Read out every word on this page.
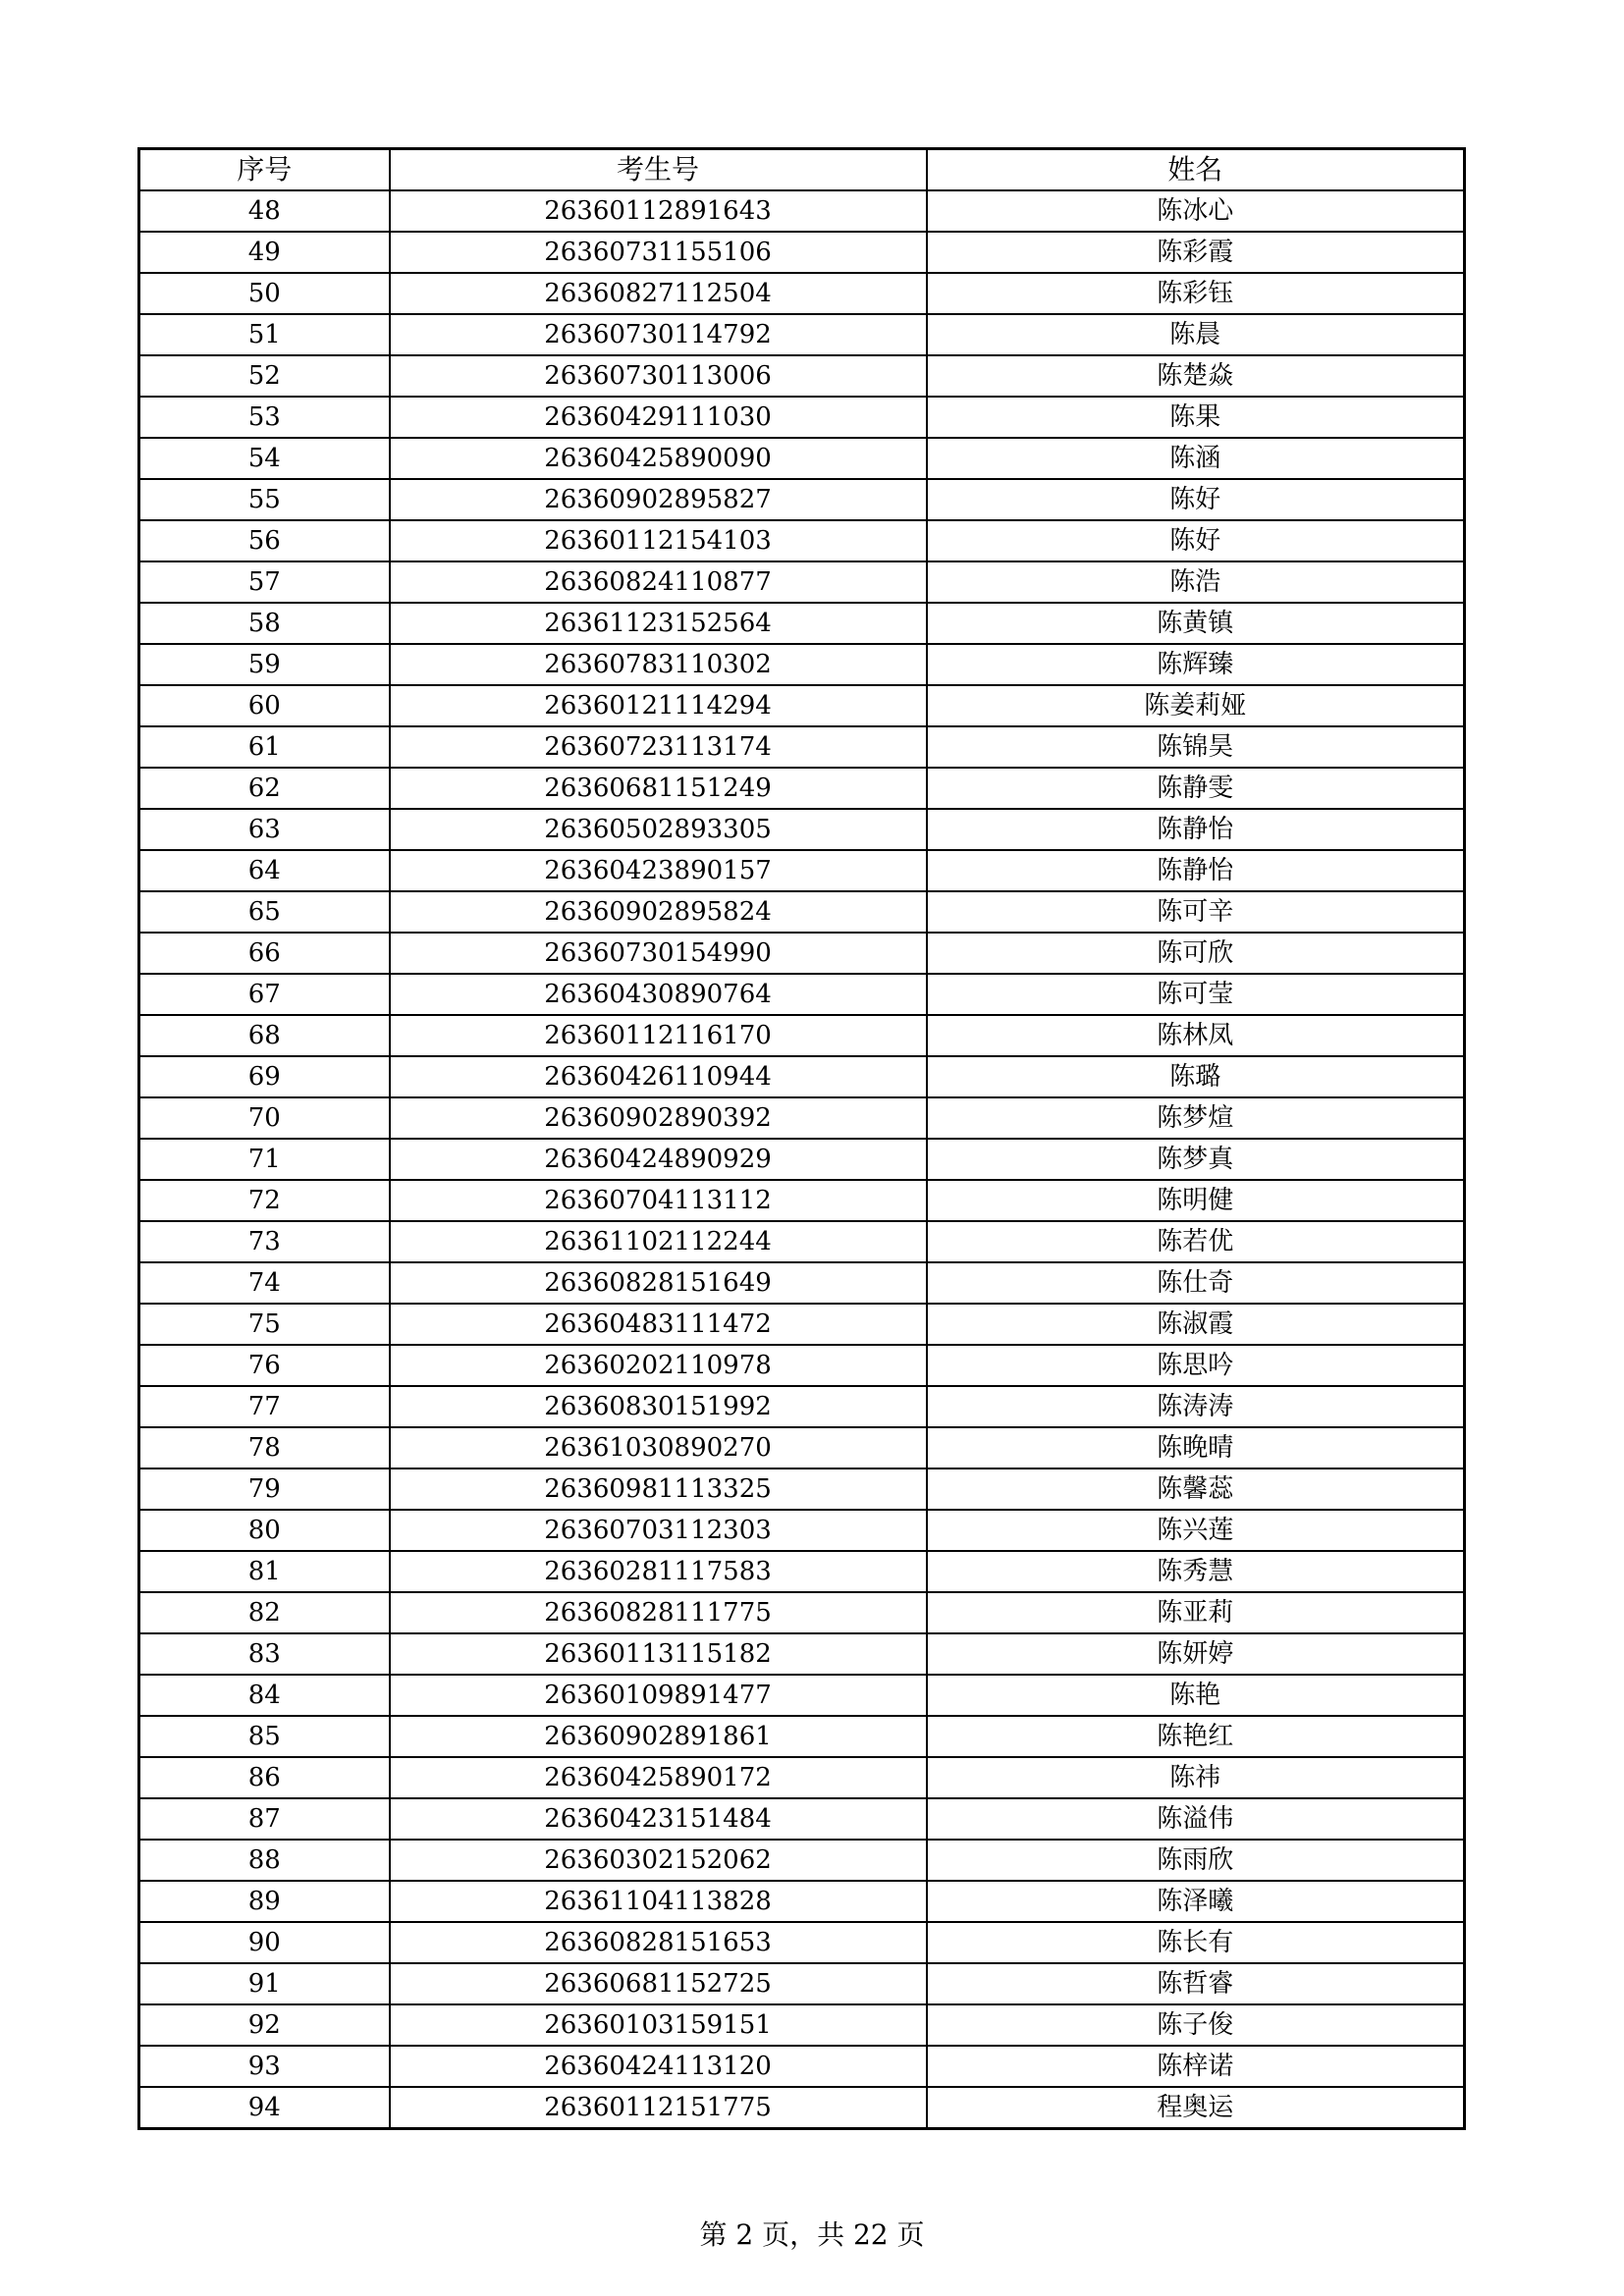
序号	考生号	姓名
48	26360112891643	陈冰心
49	26360731155106	陈彩霞
50	26360827112504	陈彩钰
51	26360730114792	陈晨
52	26360730113006	陈楚焱
53	26360429111030	陈果
54	26360425890090	陈涵
55	26360902895827	陈好
56	26360112154103	陈好
57	26360824110877	陈浩
58	26361123152564	陈黄镇
59	26360783110302	陈辉臻
60	26360121114294	陈姜莉娅
61	26360723113174	陈锦昊
62	26360681151249	陈静雯
63	26360502893305	陈静怡
64	26360423890157	陈静怡
65	26360902895824	陈可辛
66	26360730154990	陈可欣
67	26360430890764	陈可莹
68	26360112116170	陈林凤
69	26360426110944	陈璐
70	26360902890392	陈梦煊
71	26360424890929	陈梦真
72	26360704113112	陈明健
73	26361102112244	陈若优
74	26360828151649	陈仕奇
75	26360483111472	陈淑霞
76	26360202110978	陈思吟
77	26360830151992	陈涛涛
78	26361030890270	陈晚晴
79	26360981113325	陈馨蕊
80	26360703112303	陈兴莲
81	26360281117583	陈秀慧
82	26360828111775	陈亚莉
83	26360113115182	陈妍婷
84	26360109891477	陈艳
85	26360902891861	陈艳红
86	26360425890172	陈祎
87	26360423151484	陈溢伟
88	26360302152062	陈雨欣
89	26361104113828	陈泽曦
90	26360828151653	陈长有
91	26360681152725	陈哲睿
92	26360103159151	陈子俊
93	26360424113120	陈梓诺
94	26360112151775	程奥运
第 2 页，共 22 页
